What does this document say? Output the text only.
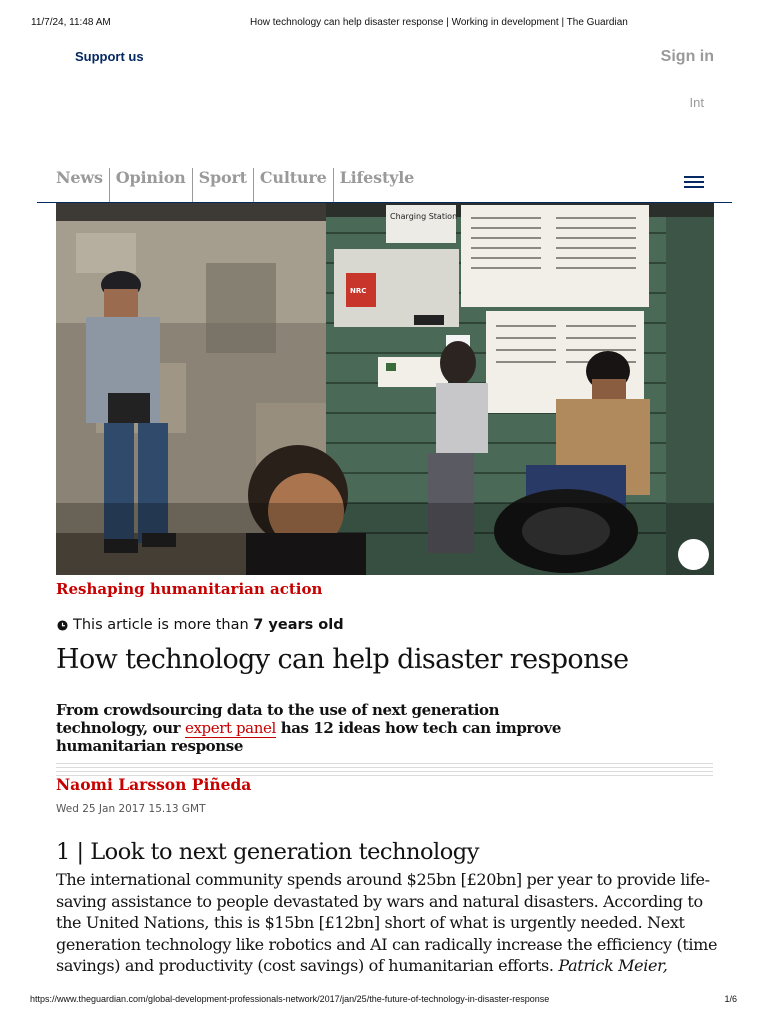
11/7/24, 11:48 AM	How technology can help disaster response | Working in development | The Guardian
Support us	Sign in
Int
News Opinion Sport Culture Lifestyle
Charging Station
NRC
Reshaping humanitarian action
This article is more than
7 years old
How technology can help disaster response

From crowdsourcing data to the use of next generation technology, our expert panel has 12 ideas how tech can improve humanitarian response

Naomi Larsson Piñeda
Wed 25 Jan 2017 15.13 GMT
1 | Look to next generation technology

The international community spends around $25bn [£20bn] per year to provide life-saving assistance to people devastated by wars and natural disasters. According to the United Nations, this is $15bn [£12bn] short of what is urgently needed. Next generation technology like robotics and AI can radically increase the efficiency (time savings) and productivity (cost savings) of humanitarian efforts. Patrick Meier,

https://www.theguardian.com/global-development-professionals-network/2017/jan/25/the-future-of-technology-in-disaster-response	1/6
